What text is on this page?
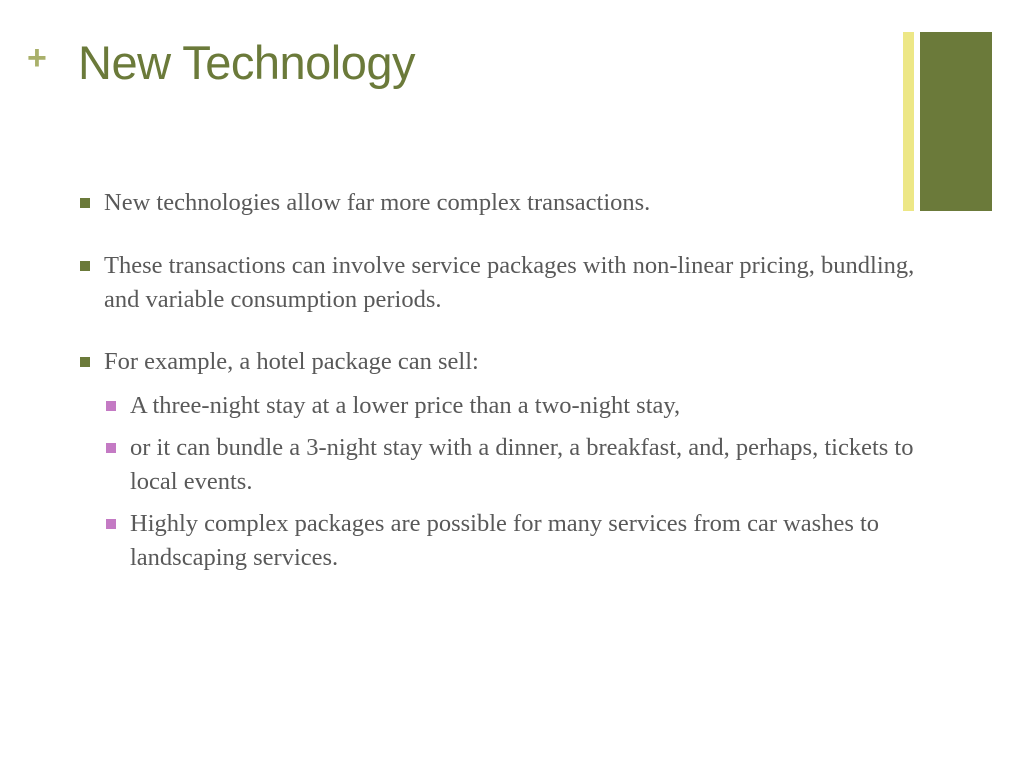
+ New Technology
New technologies allow far more complex transactions.
These transactions can involve service packages with non-linear pricing, bundling, and variable consumption periods.
For example, a hotel package can sell:
A three-night stay at a lower price than a two-night stay,
or it can bundle a 3-night stay with a dinner, a breakfast, and, perhaps, tickets to local events.
Highly complex packages are possible for many services from car washes to landscaping services.
